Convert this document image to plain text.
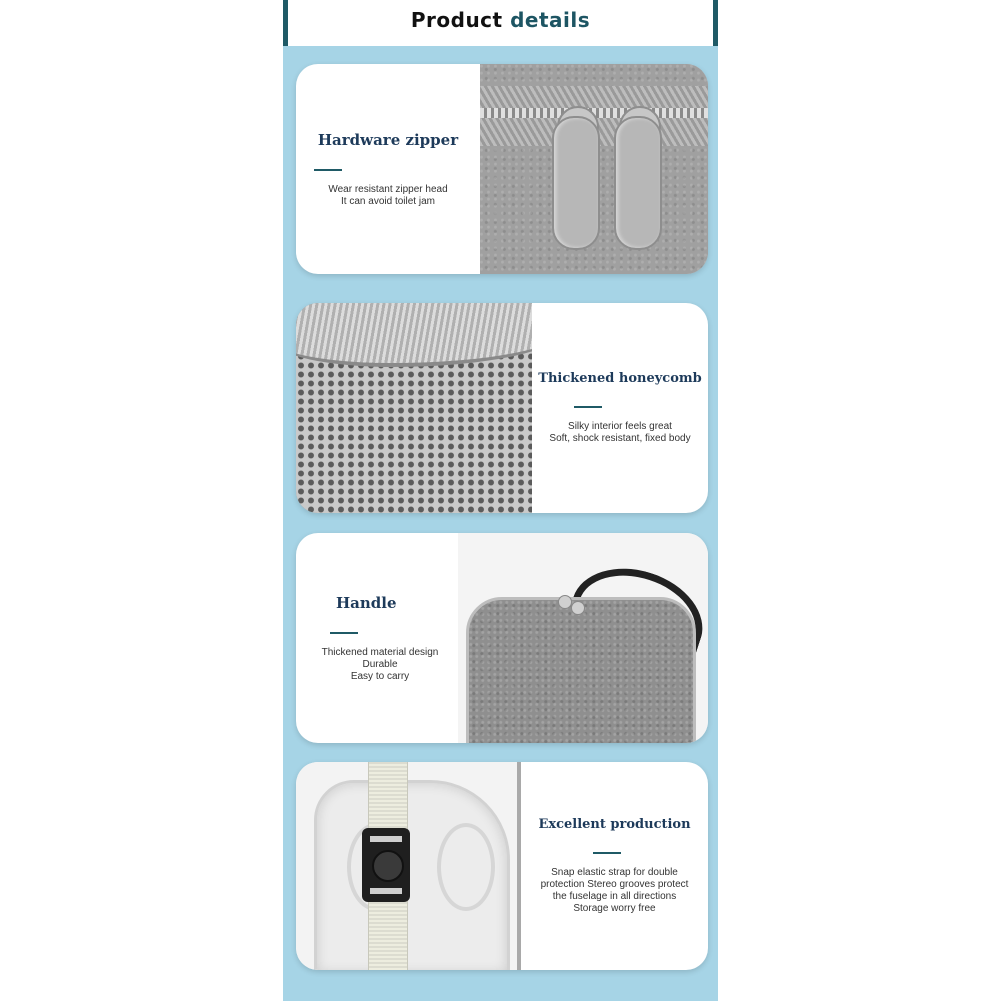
Product details
Hardware zipper

Wear resistant zipper head

It can avoid toilet jam

Thickened honeycomb

Silky interior feels great

Soft, shock resistant, fixed body

Handle

Thickened material design

Durable

Easy to carry

Excellent production

Snap elastic strap for double

protection Stereo grooves protect

the fuselage in all directions

Storage worry free
